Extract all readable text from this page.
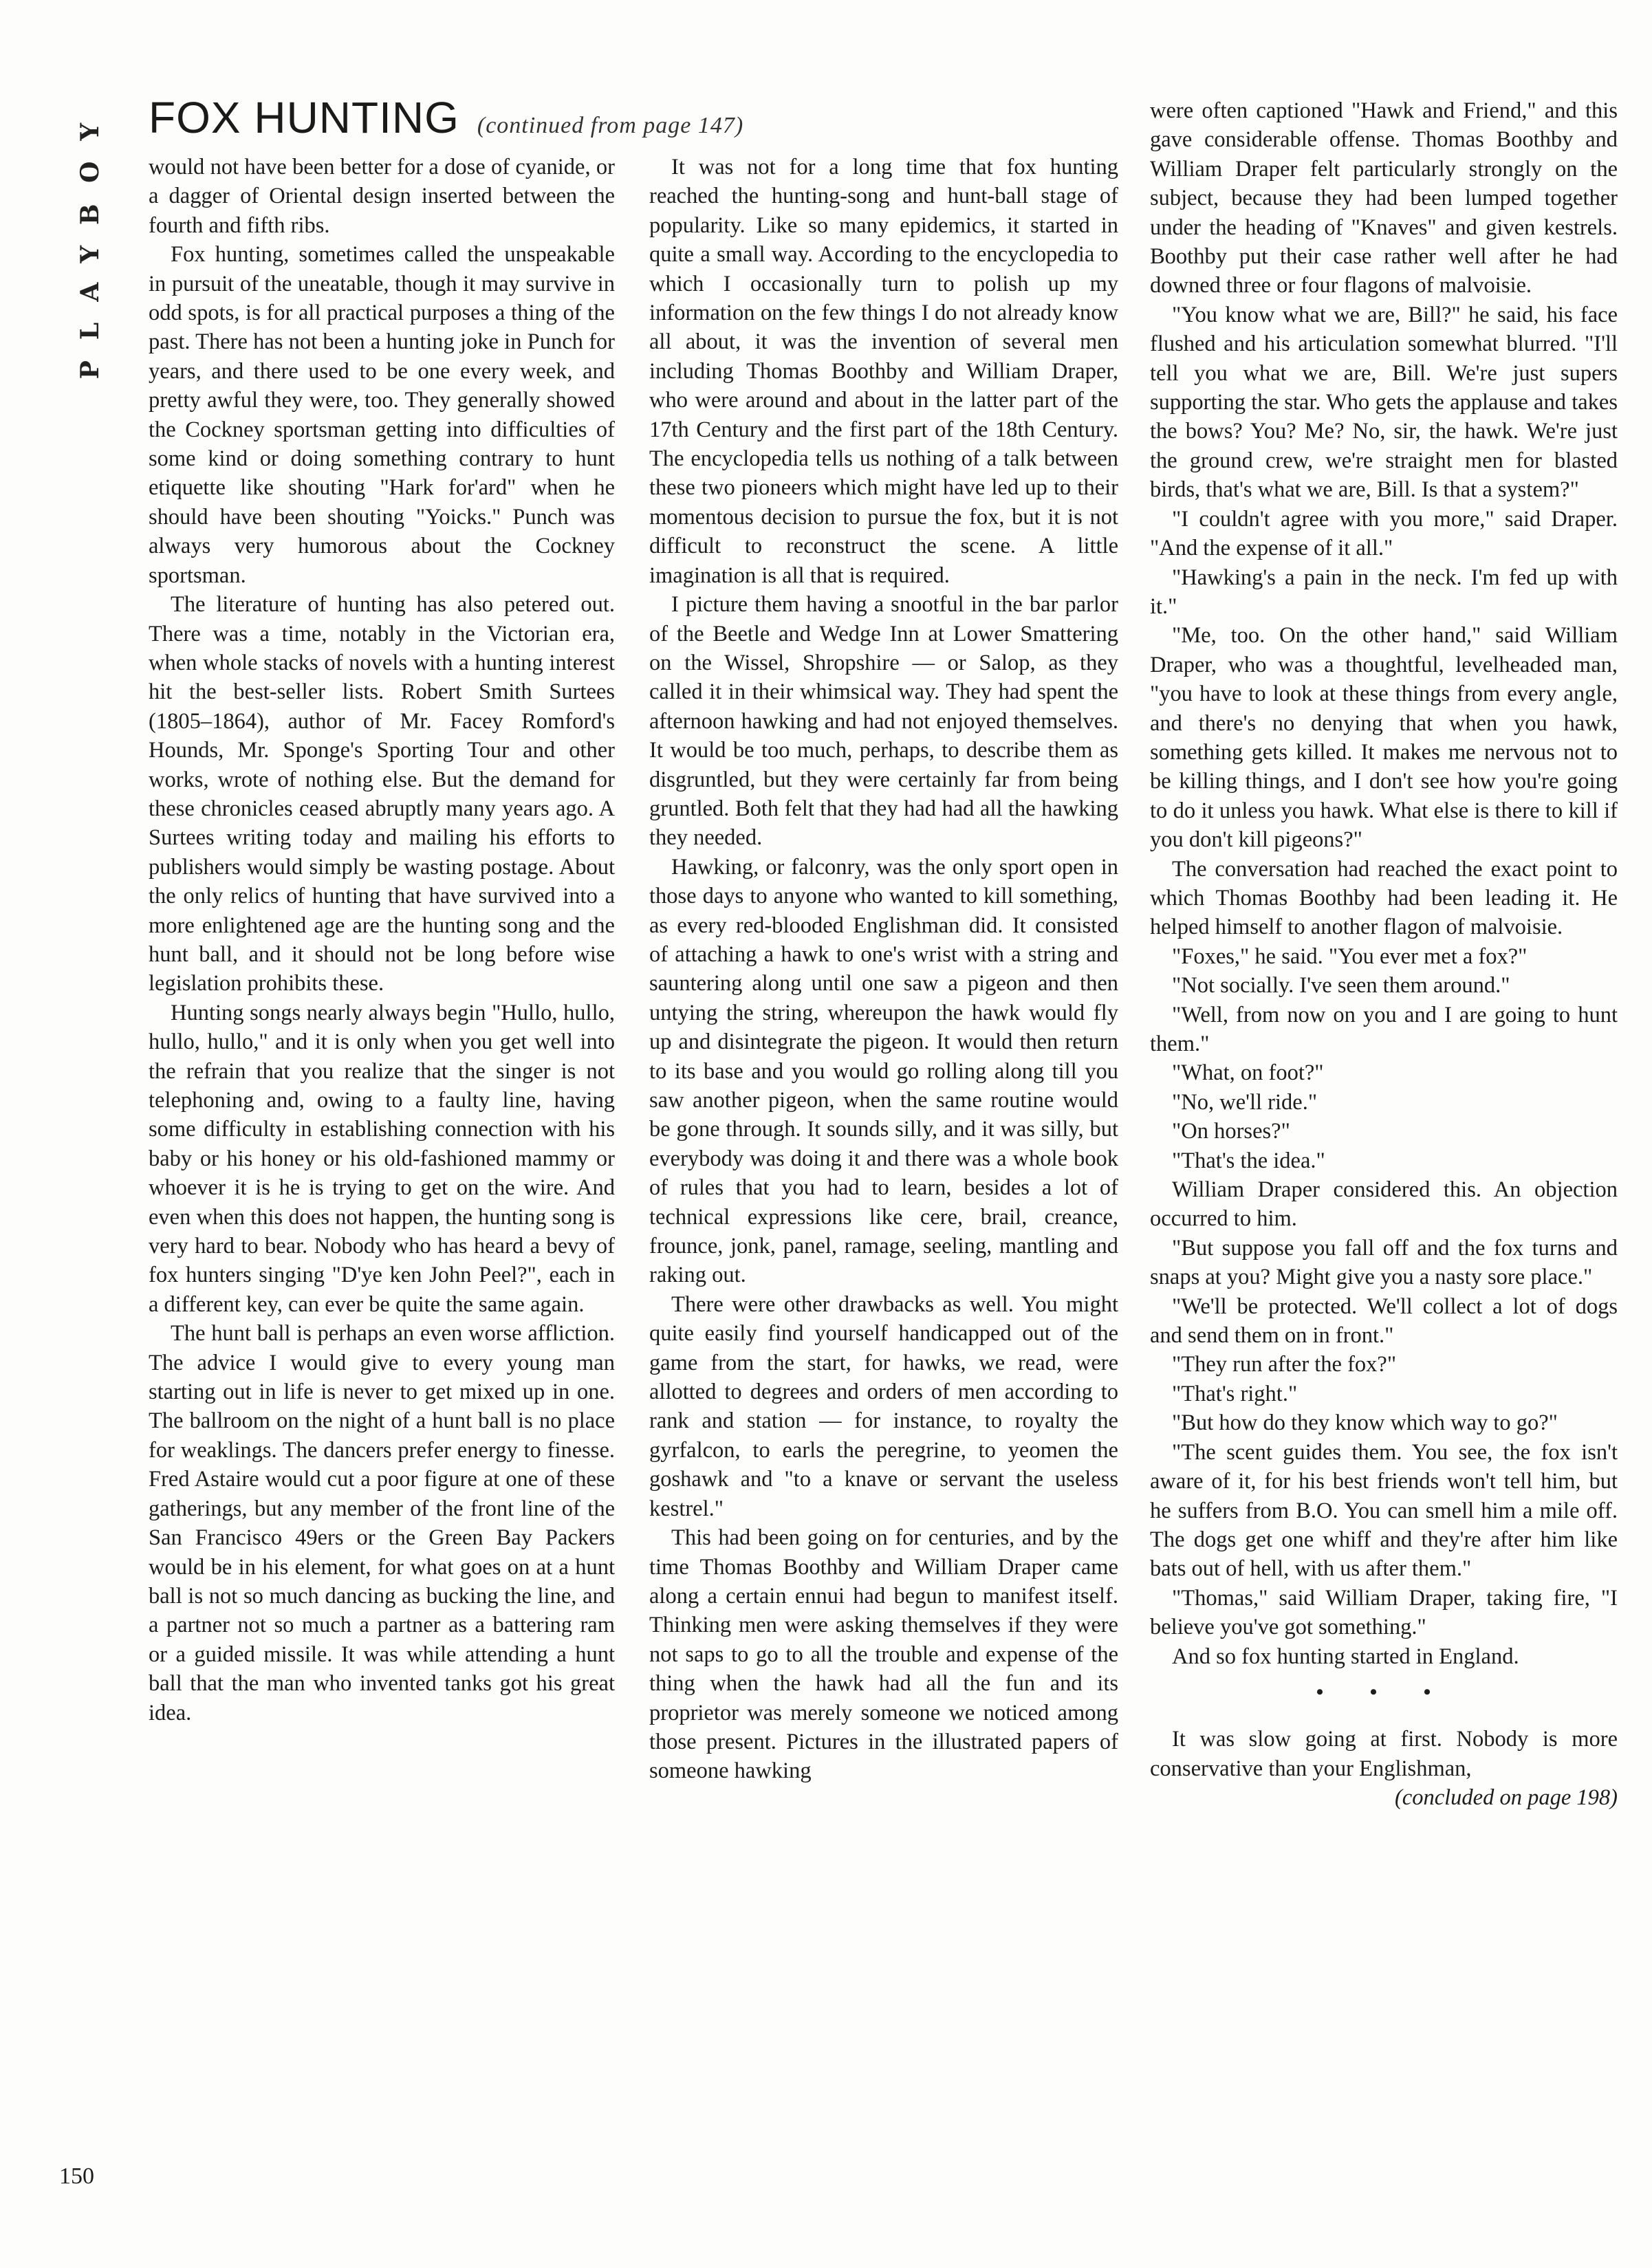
PLAYBOY FOX HUNTING (continued from page 147)

would not have been better for a dose of cyanide, or a dagger of Oriental design inserted between the fourth and fifth ribs.

Fox hunting, sometimes called the unspeakable in pursuit of the uneatable, though it may survive in odd spots, is for all practical purposes a thing of the past. There has not been a hunting joke in Punch for years, and there used to be one every week, and pretty awful they were, too. They generally showed the Cockney sportsman getting into difficulties of some kind or doing something contrary to hunt etiquette like shouting "Hark for'ard" when he should have been shouting "Yoicks." Punch was always very humorous about the Cockney sportsman.

The literature of hunting has also petered out. There was a time, notably in the Victorian era, when whole stacks of novels with a hunting interest hit the best-seller lists. Robert Smith Surtees (1805–1864), author of Mr. Facey Romford's Hounds, Mr. Sponge's Sporting Tour and other works, wrote of nothing else. But the demand for these chronicles ceased abruptly many years ago. A Surtees writing today and mailing his efforts to publishers would simply be wasting postage. About the only relics of hunting that have survived into a more enlightened age are the hunting song and the hunt ball, and it should not be long before wise legislation prohibits these.

Hunting songs nearly always begin "Hullo, hullo, hullo, hullo," and it is only when you get well into the refrain that you realize that the singer is not telephoning and, owing to a faulty line, having some difficulty in establishing connection with his baby or his honey or his old-fashioned mammy or whoever it is he is trying to get on the wire. And even when this does not happen, the hunting song is very hard to bear. Nobody who has heard a bevy of fox hunters singing "D'ye ken John Peel?", each in a different key, can ever be quite the same again.

The hunt ball is perhaps an even worse affliction. The advice I would give to every young man starting out in life is never to get mixed up in one. The ballroom on the night of a hunt ball is no place for weaklings. The dancers prefer energy to finesse. Fred Astaire would cut a poor figure at one of these gatherings, but any member of the front line of the San Francisco 49ers or the Green Bay Packers would be in his element, for what goes on at a hunt ball is not so much dancing as bucking the line, and a partner not so much a partner as a battering ram or a guided missile. It was while attending a hunt ball that the man who invented tanks got his great idea.

It was not for a long time that fox hunting reached the hunting-song and hunt-ball stage of popularity. Like so many epidemics, it started in quite a small way. According to the encyclopedia to which I occasionally turn to polish up my information on the few things I do not already know all about, it was the invention of several men including Thomas Boothby and William Draper, who were around and about in the latter part of the 17th Century and the first part of the 18th Century. The encyclopedia tells us nothing of a talk between these two pioneers which might have led up to their momentous decision to pursue the fox, but it is not difficult to reconstruct the scene. A little imagination is all that is required.

I picture them having a snootful in the bar parlor of the Beetle and Wedge Inn at Lower Smattering on the Wissel, Shropshire — or Salop, as they called it in their whimsical way. They had spent the afternoon hawking and had not enjoyed themselves. It would be too much, perhaps, to describe them as disgruntled, but they were certainly far from being gruntled. Both felt that they had had all the hawking they needed.

Hawking, or falconry, was the only sport open in those days to anyone who wanted to kill something, as every red-blooded Englishman did. It consisted of attaching a hawk to one's wrist with a string and sauntering along until one saw a pigeon and then untying the string, whereupon the hawk would fly up and disintegrate the pigeon. It would then return to its base and you would go rolling along till you saw another pigeon, when the same routine would be gone through. It sounds silly, and it was silly, but everybody was doing it and there was a whole book of rules that you had to learn, besides a lot of technical expressions like cere, brail, creance, frounce, jonk, panel, ramage, seeling, mantling and raking out.

There were other drawbacks as well. You might quite easily find yourself handicapped out of the game from the start, for hawks, we read, were allotted to degrees and orders of men according to rank and station — for instance, to royalty the gyrfalcon, to earls the peregrine, to yeomen the goshawk and "to a knave or servant the useless kestrel."

This had been going on for centuries, and by the time Thomas Boothby and William Draper came along a certain ennui had begun to manifest itself. Thinking men were asking themselves if they were not saps to go to all the trouble and expense of the thing when the hawk had all the fun and its proprietor was merely someone we noticed among those present. Pictures in the illustrated papers of someone hawking

were often captioned "Hawk and Friend," and this gave considerable offense. Thomas Boothby and William Draper felt particularly strongly on the subject, because they had been lumped together under the heading of "Knaves" and given kestrels. Boothby put their case rather well after he had downed three or four flagons of malvoisie.

"You know what we are, Bill?" he said, his face flushed and his articulation somewhat blurred. "I'll tell you what we are, Bill. We're just supers supporting the star. Who gets the applause and takes the bows? You? Me? No, sir, the hawk. We're just the ground crew, we're straight men for blasted birds, that's what we are, Bill. Is that a system?"

"I couldn't agree with you more," said Draper. "And the expense of it all."

"Hawking's a pain in the neck. I'm fed up with it."

"Me, too. On the other hand," said William Draper, who was a thoughtful, levelheaded man, "you have to look at these things from every angle, and there's no denying that when you hawk, something gets killed. It makes me nervous not to be killing things, and I don't see how you're going to do it unless you hawk. What else is there to kill if you don't kill pigeons?"

The conversation had reached the exact point to which Thomas Boothby had been leading it. He helped himself to another flagon of malvoisie.

"Foxes," he said. "You ever met a fox?"

"Not socially. I've seen them around."

"Well, from now on you and I are going to hunt them."

"What, on foot?"

"No, we'll ride."

"On horses?"

"That's the idea."

William Draper considered this. An objection occurred to him.

"But suppose you fall off and the fox turns and snaps at you? Might give you a nasty sore place."

"We'll be protected. We'll collect a lot of dogs and send them on in front."

"They run after the fox?"

"That's right."

"But how do they know which way to go?"

"The scent guides them. You see, the fox isn't aware of it, for his best friends won't tell him, but he suffers from B.O. You can smell him a mile off. The dogs get one whiff and they're after him like bats out of hell, with us after them."

"Thomas," said William Draper, taking fire, "I believe you've got something."

And so fox hunting started in England.

• • •

It was slow going at first. Nobody is more conservative than your Englishman,

(concluded on page 198)
150
